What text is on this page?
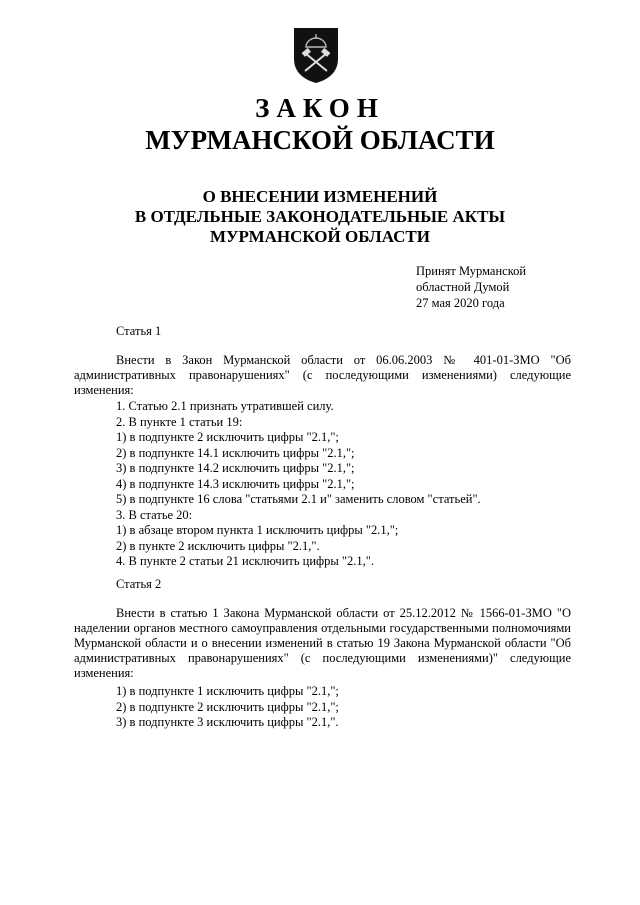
ЗАКОН
МУРМАНСКОЙ ОБЛАСТИ
О ВНЕСЕНИИ ИЗМЕНЕНИЙ
В ОТДЕЛЬНЫЕ ЗАКОНОДАТЕЛЬНЫЕ АКТЫ
МУРМАНСКОЙ ОБЛАСТИ
Принят Мурманской
областной Думой
27 мая 2020 года
Статья 1
Внести в Закон Мурманской области от 06.06.2003 № 401-01-ЗМО "Об административных правонарушениях" (с последующими изменениями) следующие изменения:
1. Статью 2.1 признать утратившей силу.
2. В пункте 1 статьи 19:
1) в подпункте 2 исключить цифры "2.1,";
2) в подпункте 14.1 исключить цифры "2.1,";
3) в подпункте 14.2 исключить цифры "2.1,";
4) в подпункте 14.3 исключить цифры "2.1,";
5) в подпункте 16 слова "статьями 2.1 и" заменить словом "статьей".
3. В статье 20:
1) в абзаце втором пункта 1 исключить цифры "2.1,";
2) в пункте 2 исключить цифры "2.1,".
4. В пункте 2 статьи 21 исключить цифры "2.1,".
Статья 2
Внести в статью 1 Закона Мурманской области от 25.12.2012 № 1566-01-ЗМО "О наделении органов местного самоуправления отдельными государственными полномочиями Мурманской области и о внесении изменений в статью 19 Закона Мурманской области "Об административных правонарушениях" (с последующими изменениями)" следующие изменения:
1) в подпункте 1 исключить цифры "2.1,";
2) в подпункте 2 исключить цифры "2.1,";
3) в подпункте 3 исключить цифры "2.1,".
